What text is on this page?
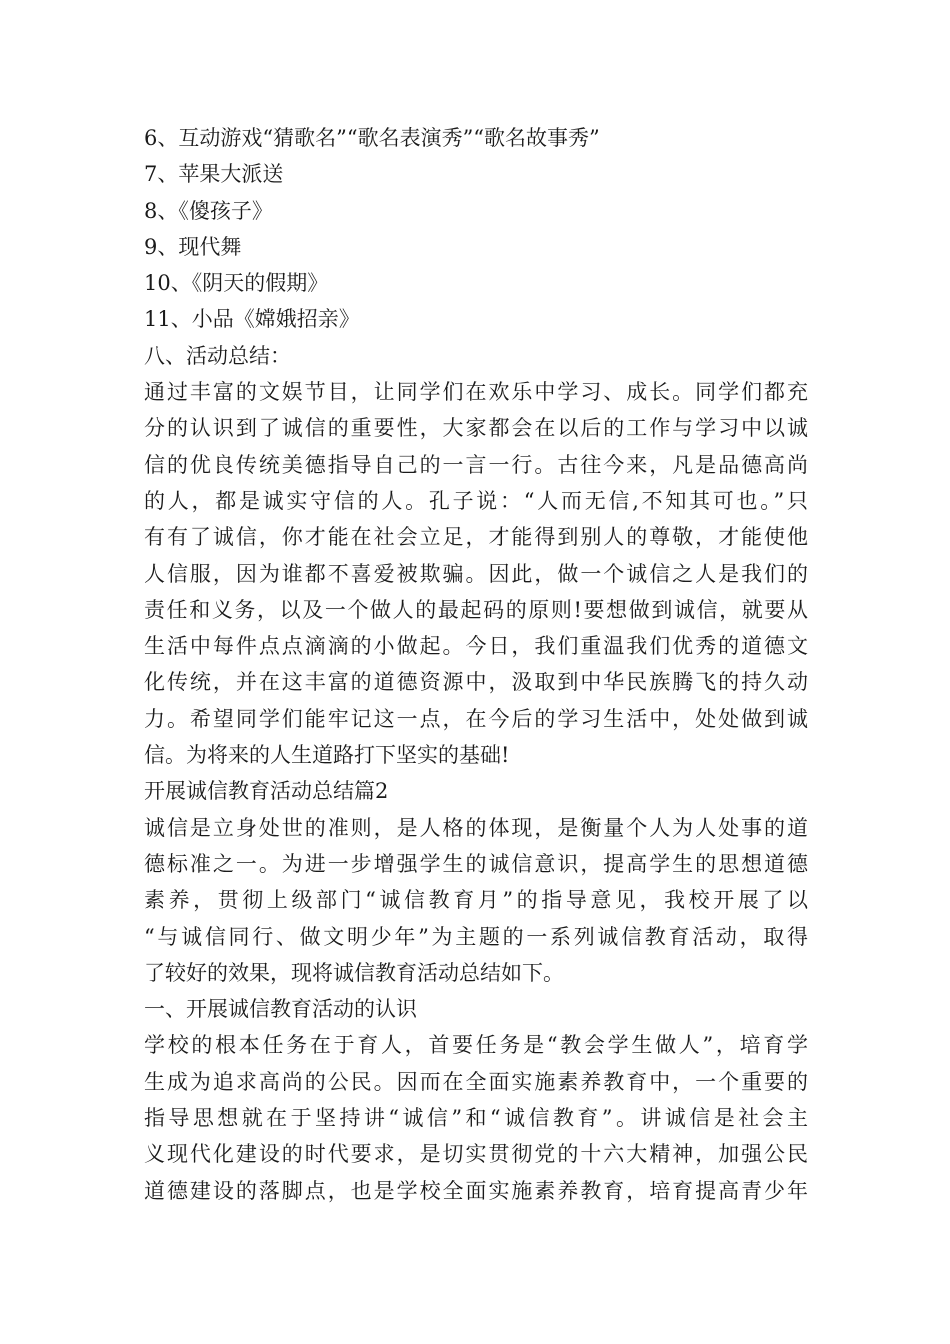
6、互动游戏“猜歌名”“歌名表演秀”“歌名故事秀”
7、苹果大派送
8、《傻孩子》
9、现代舞
10、《阴天的假期》
11、小品《嫦娥招亲》
八、活动总结：
通过丰富的文娱节目，让同学们在欢乐中学习、成长。同学们都充
分的认识到了诚信的重要性，大家都会在以后的工作与学习中以诚
信的优良传统美德指导自己的一言一行。古往今来，凡是品德高尚
的人，都是诚实守信的人。孔子说：“人而无信,不知其可也。”只
有有了诚信，你才能在社会立足，才能得到别人的尊敬，才能使他
人信服，因为谁都不喜爱被欺骗。因此，做一个诚信之人是我们的
责任和义务，以及一个做人的最起码的原则!要想做到诚信，就要从
生活中每件点点滴滴的小做起。今日，我们重温我们优秀的道德文
化传统，并在这丰富的道德资源中，汲取到中华民族腾飞的持久动
力。希望同学们能牢记这一点，在今后的学习生活中，处处做到诚
信。为将来的人生道路打下坚实的基础!
开展诚信教育活动总结篇2
诚信是立身处世的准则，是人格的体现，是衡量个人为人处事的道
德标准之一。为进一步增强学生的诚信意识，提高学生的思想道德
素养，贯彻上级部门“诚信教育月”的指导意见，我校开展了以
“与诚信同行、做文明少年”为主题的一系列诚信教育活动，取得
了较好的效果，现将诚信教育活动总结如下。
一、开展诚信教育活动的认识
学校的根本任务在于育人，首要任务是“教会学生做人”，培育学
生成为追求高尚的公民。因而在全面实施素养教育中，一个重要的
指导思想就在于坚持讲“诚信”和“诚信教育”。讲诚信是社会主
义现代化建设的时代要求，是切实贯彻党的十六大精神，加强公民
道德建设的落脚点，也是学校全面实施素养教育，培育提高青少年
